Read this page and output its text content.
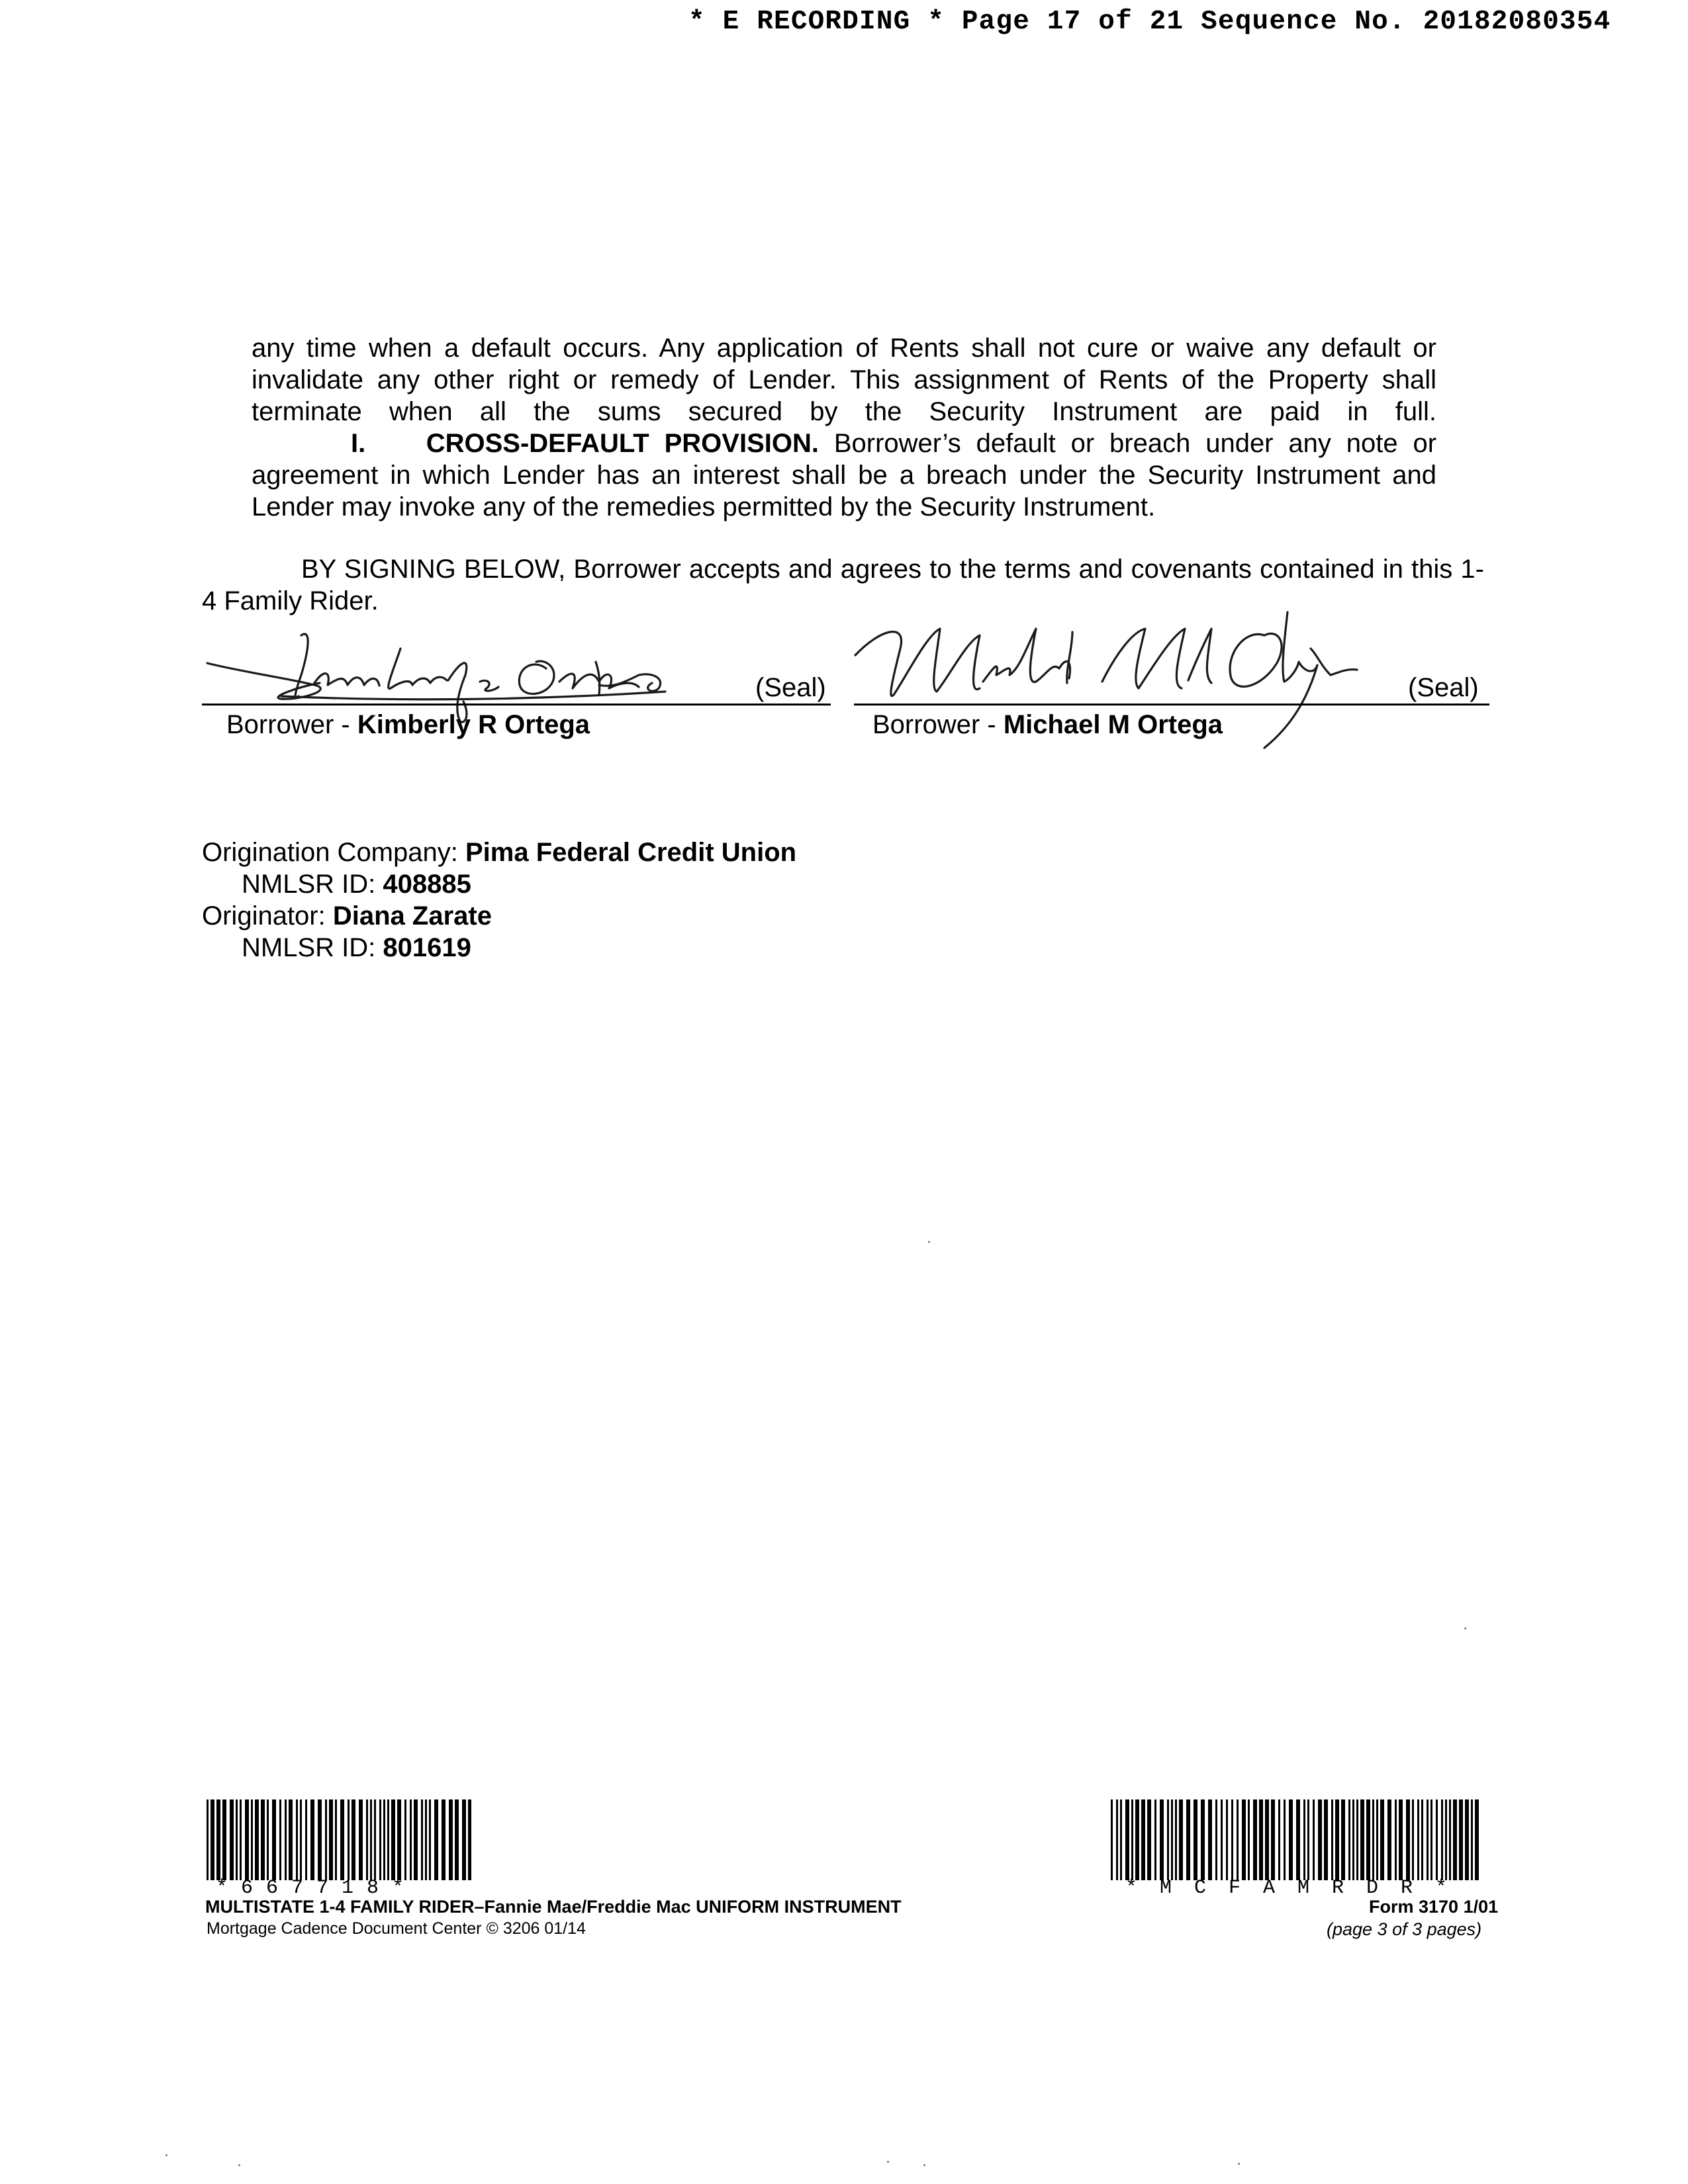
* E RECORDING * Page 17 of 21 Sequence No. 20182080354
any time when a default occurs. Any application of Rents shall not cure or waive any default or invalidate any other right or remedy of Lender. This assignment of Rents of the Property shall terminate when all the sums secured by the Security Instrument are paid in full.
I. CROSS-DEFAULT PROVISION. Borrower’s default or breach under any note or agreement in which Lender has an interest shall be a breach under the Security Instrument and Lender may invoke any of the remedies permitted by the Security Instrument.
BY SIGNING BELOW, Borrower accepts and agrees to the terms and covenants contained in this 1-4 Family Rider.
(Seal)
Borrower - Kimberly R Ortega
(Seal)
Borrower - Michael M Ortega
Origination Company: Pima Federal Credit Union
NMLSR ID: 408885
Originator: Diana Zarate
NMLSR ID: 801619
*667718*	*MCFAMRDR*
MULTISTATE 1-4 FAMILY RIDER–Fannie Mae/Freddie Mac UNIFORM INSTRUMENT
Mortgage Cadence Document Center © 3206 01/14
Form 3170 1/01
(page 3 of 3 pages)
